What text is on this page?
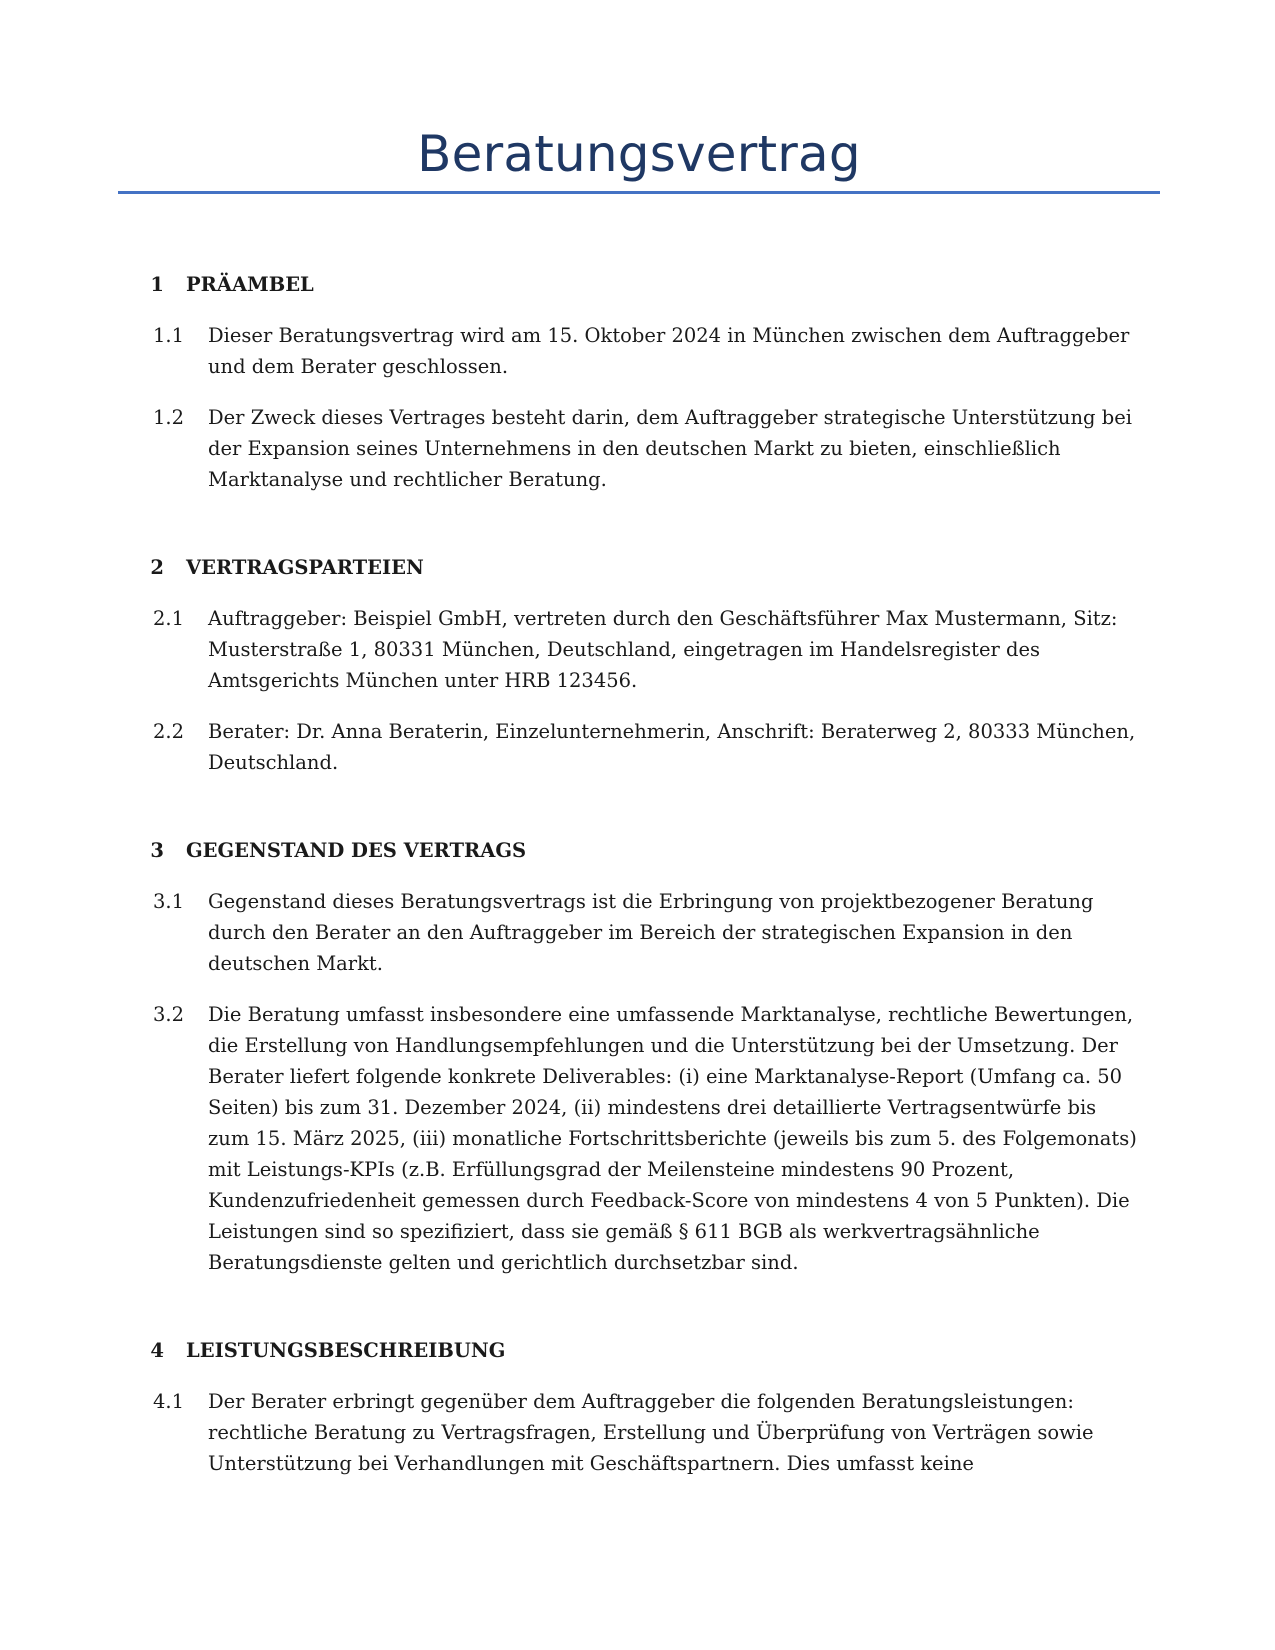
Beratungsvertrag
1	PRÄAMBEL
1.1	Dieser Beratungsvertrag wird am 15. Oktober 2024 in München zwischen dem Auftraggeber und dem Berater geschlossen.
1.2	Der Zweck dieses Vertrages besteht darin, dem Auftraggeber strategische Unterstützung bei der Expansion seines Unternehmens in den deutschen Markt zu bieten, einschließlich Marktanalyse und rechtlicher Beratung.
2	VERTRAGSPARTEIEN
2.1	Auftraggeber: Beispiel GmbH, vertreten durch den Geschäftsführer Max Mustermann, Sitz: Musterstraße 1, 80331 München, Deutschland, eingetragen im Handelsregister des Amtsgerichts München unter HRB 123456.
2.2	Berater: Dr. Anna Beraterin, Einzelunternehmerin, Anschrift: Beraterweg 2, 80333 München, Deutschland.
3	GEGENSTAND DES VERTRAGS
3.1	Gegenstand dieses Beratungsvertrags ist die Erbringung von projektbezogener Beratung durch den Berater an den Auftraggeber im Bereich der strategischen Expansion in den deutschen Markt.
3.2	Die Beratung umfasst insbesondere eine umfassende Marktanalyse, rechtliche Bewertungen, die Erstellung von Handlungsempfehlungen und die Unterstützung bei der Umsetzung. Der Berater liefert folgende konkrete Deliverables: (i) eine Marktanalyse-Report (Umfang ca. 50 Seiten) bis zum 31. Dezember 2024, (ii) mindestens drei detaillierte Vertragsentwürfe bis zum 15. März 2025, (iii) monatliche Fortschrittsberichte (jeweils bis zum 5. des Folgemonats) mit Leistungs-KPIs (z.B. Erfüllungsgrad der Meilensteine mindestens 90 Prozent, Kundenzufriedenheit gemessen durch Feedback-Score von mindestens 4 von 5 Punkten). Die Leistungen sind so spezifiziert, dass sie gemäß § 611 BGB als werkvertragsähnliche Beratungsdienste gelten und gerichtlich durchsetzbar sind.
4	LEISTUNGSBESCHREIBUNG
4.1	Der Berater erbringt gegenüber dem Auftraggeber die folgenden Beratungsleistungen: rechtliche Beratung zu Vertragsfragen, Erstellung und Überprüfung von Verträgen sowie Unterstützung bei Verhandlungen mit Geschäftspartnern. Dies umfasst keine
